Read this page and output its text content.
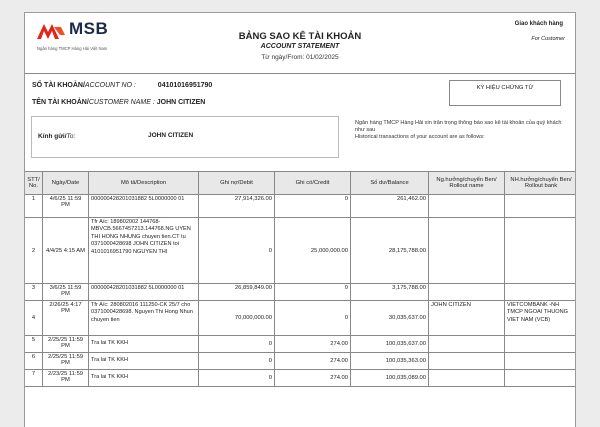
MSB
Ngân hàng TMCP Hàng Hải Việt Nam
BẢNG SAO KÊ TÀI KHOẢN
ACCOUNT STATEMENT
Từ ngày/From: 01/02/2025
Giao khách hàng
For Customer
SỐ TÀI KHOẢN/ACCOUNT NO :	04101016951790
TÊN TÀI KHOẢN/CUSTOMER NAME : JOHN CITIZEN
KÝ HIỆU CHỨNG TỪ
Kính gửi/To:	JOHN CITIZEN
Ngân hàng TMCP Hàng Hải xin trân trọng thông báo sao kê tài khoản của quý khách như sau
Historical transactions of your account are as follows:
STT/ No.	Ngày/Date	Mô tả/Description	Ghi nợ/Debit	Ghi có/Credit	Số dư/Balance	Ng.hưởng/chuyển Ben/ Rollout name	NH.hưởng/chuyển Ben/ Rollout bank
1	4/6/25 11:59 PM	000000428201031882 5L0000000 01	27,914,326.00	0	261,462.00		
2	4/4/25 4:15 AM	Tfr A/c: 189802002 144768-MBVCB.5667457213.144768.NG UYEN THI HONG NHUNG chuyen tien.CT tu 0371000428698 JOHN CITIZEN toi 4101016951790 NGUYEN THI	0	25,000,000.00	28,175,788.00		
3	3/6/25 11:59 PM	000000428201031882 5L0000000 01	26,859,849.00	0	3,175,788.00		
4	2/26/25 4:17 PM	Tfr A/c: 280802016 111250-CK 25/7 cho 0371000428698. Nguyen Thi Hong Nhun chuyen tien	70,000,000.00	0	30,035,637.00	JOHN CITIZEN	VIETCOMBANK -NH TMCP NGOAI THUONG VIET NAM (VCB)
5	2/25/25 11:59 PM	Tra lai TK KKH	0	274.00	100,035,637.00		
6	2/25/25 11:59 PM	Tra lai TK KKH	0	274.00	100,035,363.00		
7	2/23/25 11:59 PM	Tra lai TK KKH	0	274.00	100,035,089.00		
